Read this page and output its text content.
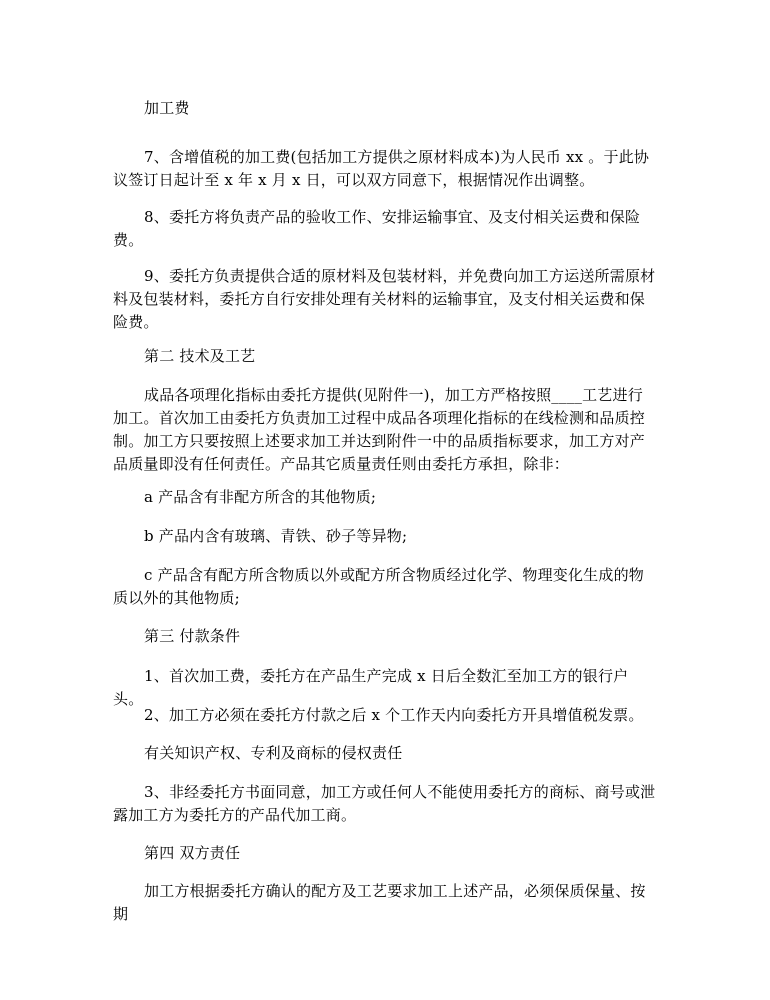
加工费

7、含增值税的加工费(包括加工方提供之原材料成本)为人民币 xx 。于此协议签订日起计至 x 年 x 月 x 日，可以双方同意下，根据情况作出调整。

8、委托方将负责产品的验收工作、安排运输事宜、及支付相关运费和保险费。

9、委托方负责提供合适的原材料及包装材料，并免费向加工方运送所需原材料及包装材料，委托方自行安排处理有关材料的运输事宜，及支付相关运费和保险费。

第二 技术及工艺

成品各项理化指标由委托方提供(见附件一)，加工方严格按照____工艺进行加工。首次加工由委托方负责加工过程中成品各项理化指标的在线检测和品质控制。加工方只要按照上述要求加工并达到附件一中的品质指标要求，加工方对产品质量即没有任何责任。产品其它质量责任则由委托方承担，除非：

a 产品含有非配方所含的其他物质;

b 产品内含有玻璃、青铁、砂子等异物;

c 产品含有配方所含物质以外或配方所含物质经过化学、物理变化生成的物质以外的其他物质;

第三 付款条件

1、首次加工费，委托方在产品生产完成 x 日后全数汇至加工方的银行户头。

2、加工方必须在委托方付款之后 x 个工作天内向委托方开具增值税发票。

有关知识产权、专利及商标的侵权责任

3、非经委托方书面同意，加工方或任何人不能使用委托方的商标、商号或泄露加工方为委托方的产品代加工商。

第四 双方责任

加工方根据委托方确认的配方及工艺要求加工上述产品，必须保质保量、按期
